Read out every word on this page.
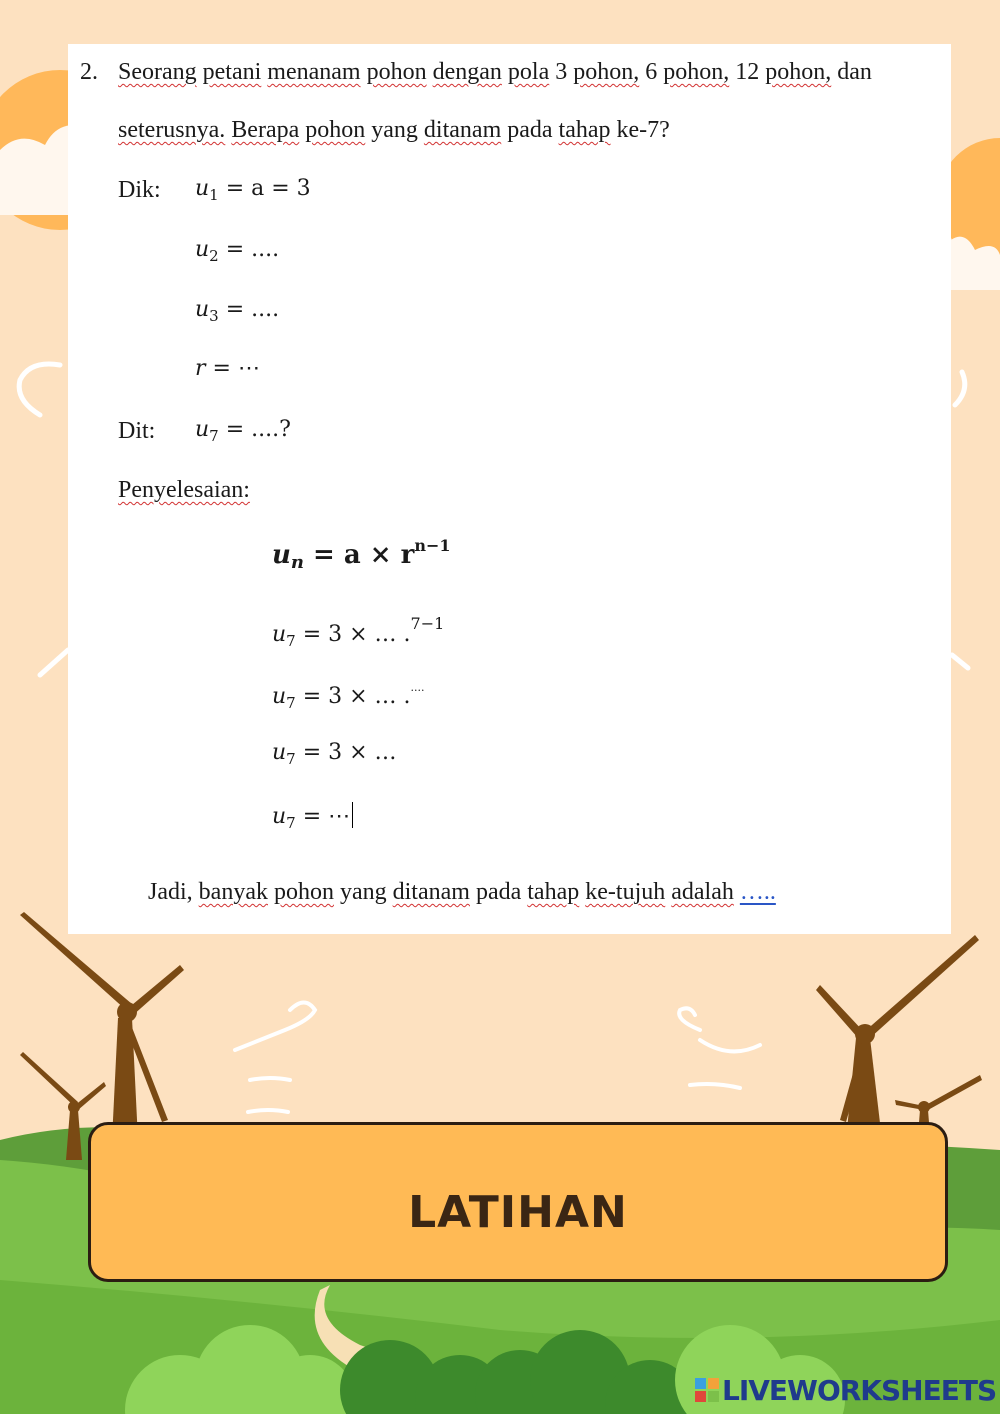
2. Seorang petani menanam pohon dengan pola 3 pohon, 6 pohon, 12 pohon, dan
seterusnya. Berapa pohon yang ditanam pada tahap ke-7?
Dik: $u_1 = a = 3$
$u_2$ = ....
$u_3$ = ....
r = ⋯
Dit: $u_7$ = ....?
Penyelesaian:
$u_n = a \times r^{n-1}$
$u_7 = 3$ × … .$^{7-1}$
$u_7 = 3$ × … .....
$u_7 = 3$ × …
$u_7$ = ⋯
Jadi, banyak pohon yang ditanam pada tahap ke-tujuh adalah …..
LATIHAN
LIVEWORKSHEETS
